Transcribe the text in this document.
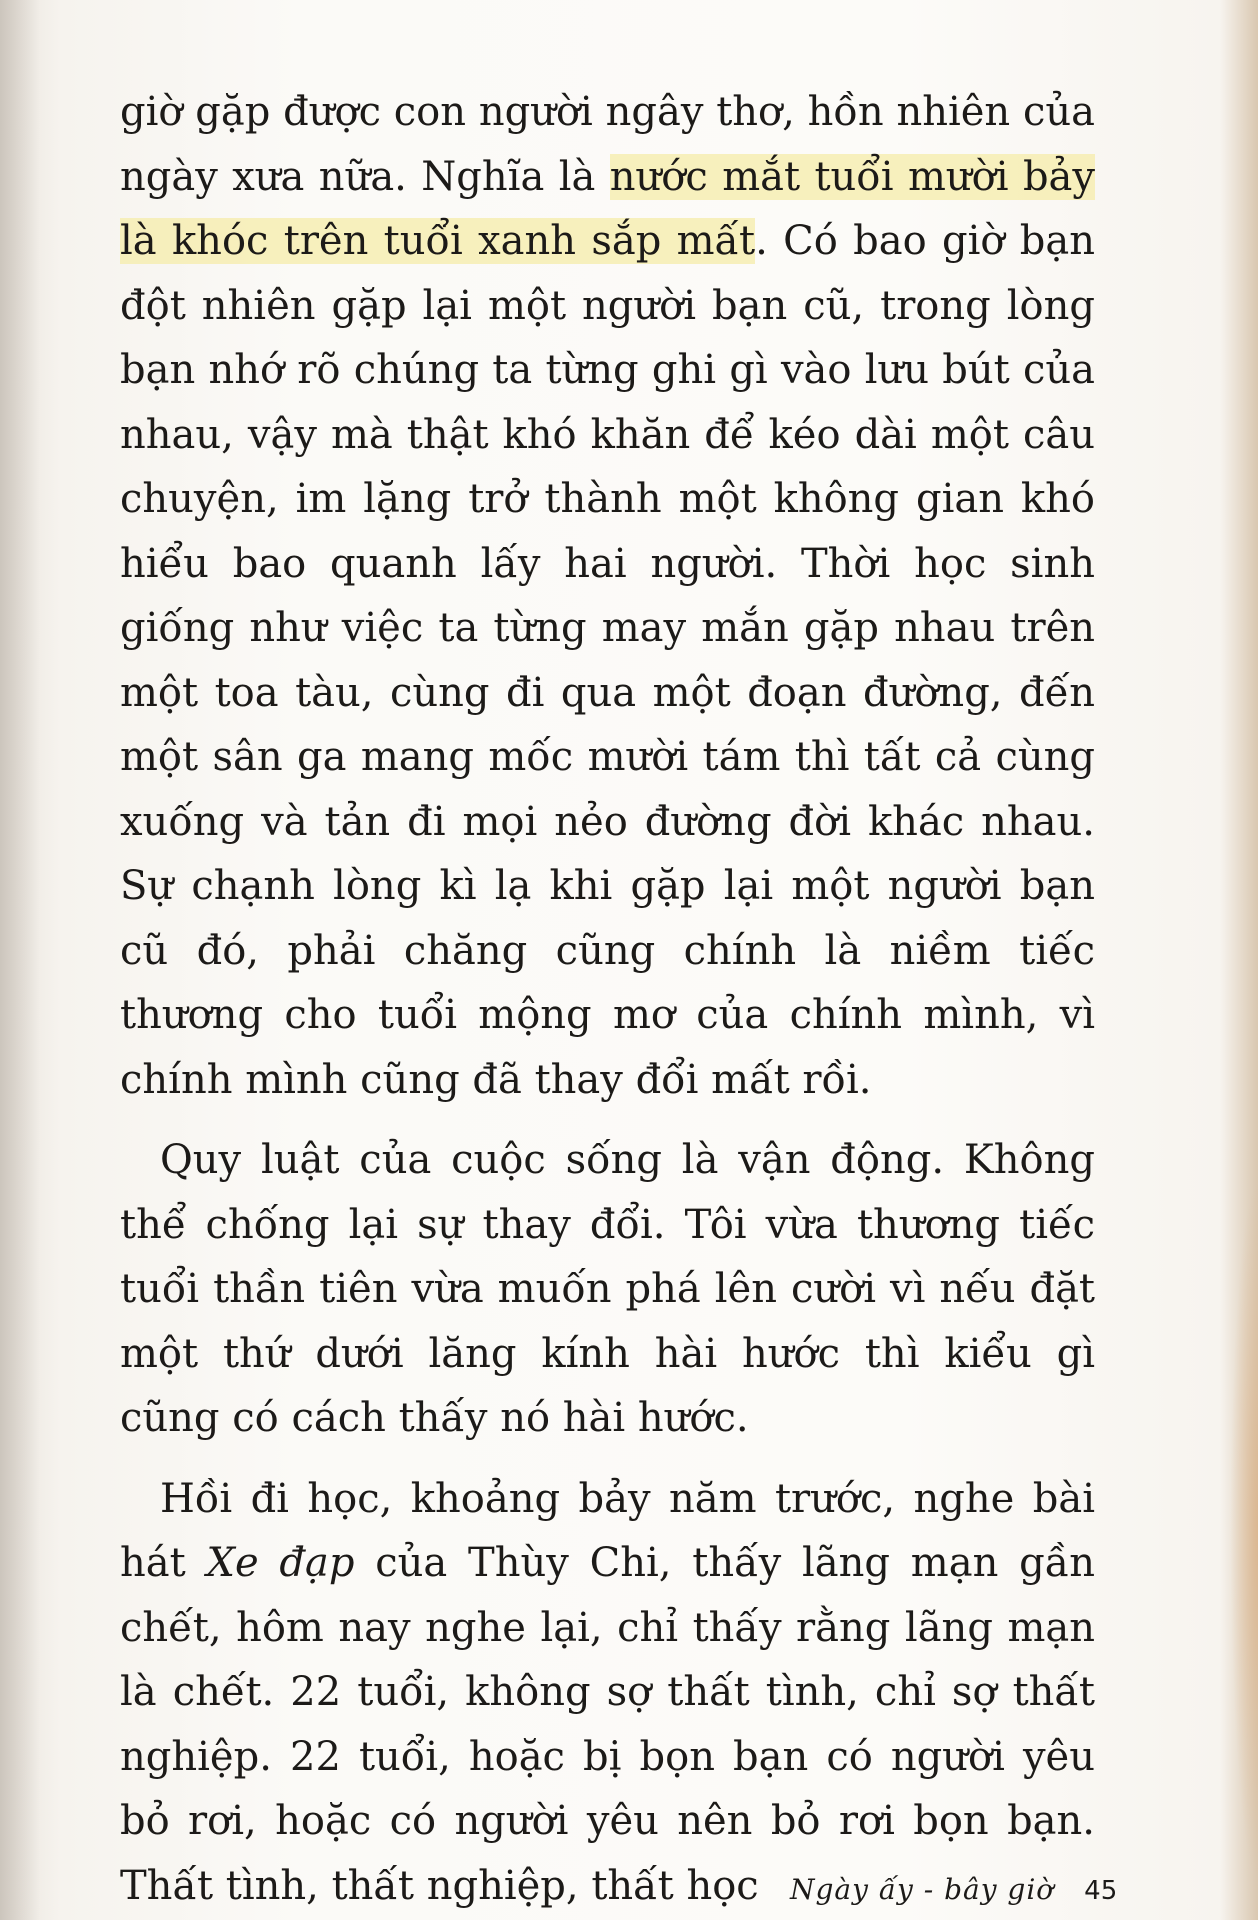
giờ gặp được con người ngây thơ, hồn nhiên của ngày xưa nữa. Nghĩa là nước mắt tuổi mười bảy là khóc trên tuổi xanh sắp mất. Có bao giờ bạn đột nhiên gặp lại một người bạn cũ, trong lòng bạn nhớ rõ chúng ta từng ghi gì vào lưu bút của nhau, vậy mà thật khó khăn để kéo dài một câu chuyện, im lặng trở thành một không gian khó hiểu bao quanh lấy hai người. Thời học sinh giống như việc ta từng may mắn gặp nhau trên một toa tàu, cùng đi qua một đoạn đường, đến một sân ga mang mốc mười tám thì tất cả cùng xuống và tản đi mọi nẻo đường đời khác nhau. Sự chạnh lòng kì lạ khi gặp lại một người bạn cũ đó, phải chăng cũng chính là niềm tiếc thương cho tuổi mộng mơ của chính mình, vì chính mình cũng đã thay đổi mất rồi.

Quy luật của cuộc sống là vận động. Không thể chống lại sự thay đổi. Tôi vừa thương tiếc tuổi thần tiên vừa muốn phá lên cười vì nếu đặt một thứ dưới lăng kính hài hước thì kiểu gì cũng có cách thấy nó hài hước.

Hồi đi học, khoảng bảy năm trước, nghe bài hát Xe đạp của Thùy Chi, thấy lãng mạn gần chết, hôm nay nghe lại, chỉ thấy rằng lãng mạn là chết. 22 tuổi, không sợ thất tình, chỉ sợ thất nghiệp. 22 tuổi, hoặc bị bọn bạn có người yêu bỏ rơi, hoặc có người yêu nên bỏ rơi bọn bạn. Thất tình, thất nghiệp, thất học	Ngày ấy - bây giờ 45
